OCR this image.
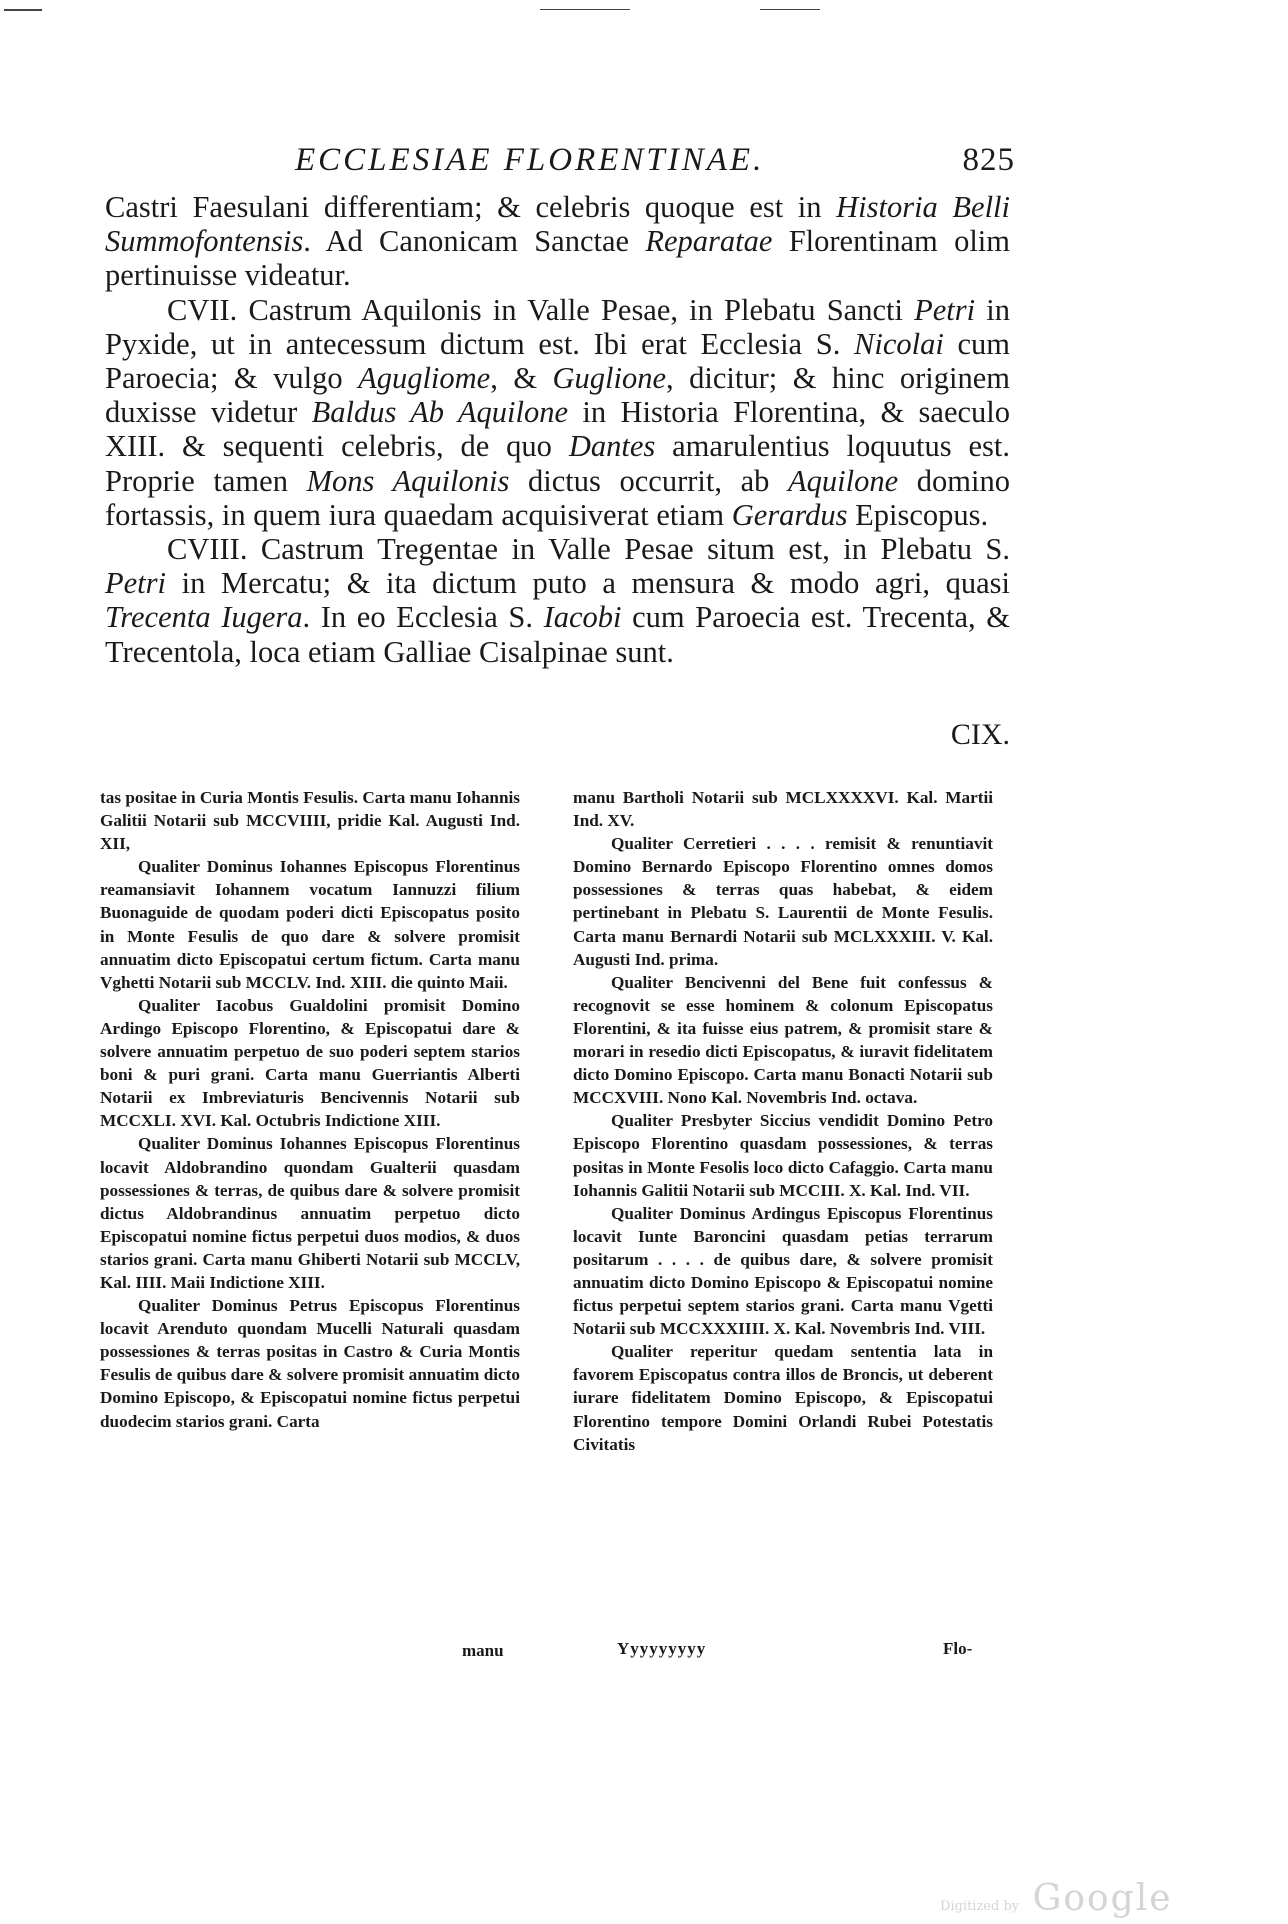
ECCLESIAE FLORENTINAE.	825

Castri Faesulani differentiam; & celebris quoque est in Historia Belli Summofontensis. Ad Canonicam Sanctae Reparatae Florentinam olim pertinuisse videatur.

CVII. Castrum Aquilonis in Valle Pesae, in Plebatu Sancti Petri in Pyxide, ut in antecessum dictum est. Ibi erat Ecclesia S. Nicolai cum Paroecia; & vulgo Agugliome, & Guglione, dicitur; & hinc originem duxisse videtur Baldus Ab Aquilone in Historia Florentina, & saeculo XIII. & sequenti celebris, de quo Dantes amarulentius loquutus est. Proprie tamen Mons Aquilonis dictus occurrit, ab Aquilone domino fortassis, in quem iura quaedam acquisiverat etiam Gerardus Episcopus.

CVIII. Castrum Tregentae in Valle Pesae situm est, in Plebatu S. Petri in Mercatu; & ita dictum puto a mensura & modo agri, quasi Trecenta Iugera. In eo Ecclesia S. Iacobi cum Paroecia est. Trecenta, & Trecentola, loca etiam Galliae Cisalpinae sunt.

CIX.

tas positae in Curia Montis Fesulis. Carta manu Iohannis Galitii Notarii sub MCCVIIII, pridie Kal. Augusti Ind. XII,

Qualiter Dominus Iohannes Episcopus Florentinus reamansiavit Iohannem vocatum Iannuzzi filium Buonaguide de quodam poderi dicti Episcopatus posito in Monte Fesulis de quo dare & solvere promisit annuatim dicto Episcopatui certum fictum. Carta manu Vghetti Notarii sub MCCLV. Ind. XIII. die quinto Maii.

Qualiter Iacobus Gualdolini promisit Domino Ardingo Episcopo Florentino, & Episcopatui dare & solvere annuatim perpetuo de suo poderi septem starios boni & puri grani. Carta manu Guerriantis Alberti Notarii ex Imbreviaturis Bencivennis Notarii sub MCCXLI. XVI. Kal. Octubris Indictione XIII.

Qualiter Dominus Iohannes Episcopus Florentinus locavit Aldobrandino quondam Gualterii quasdam possessiones & terras, de quibus dare & solvere promisit dictus Aldobrandinus annuatim perpetuo dicto Episcopatui nomine fictus perpetui duos modios, & duos starios grani. Carta manu Ghiberti Notarii sub MCCLV, Kal. IIII. Maii Indictione XIII.

Qualiter Dominus Petrus Episcopus Florentinus locavit Arenduto quondam Mucelli Naturali quasdam possessiones & terras positas in Castro & Curia Montis Fesulis de quibus dare & solvere promisit annuatim dicto Domino Episcopo, & Episcopatui nomine fictus perpetui duodecim starios grani. Carta

manu

manu Bartholi Notarii sub MCLXXXXVI. Kal. Martii Ind. XV.

Qualiter Cerretieri . . . . remisit & renuntiavit Domino Bernardo Episcopo Florentino omnes domos possessiones & terras quas habebat, & eidem pertinebant in Plebatu S. Laurentii de Monte Fesulis. Carta manu Bernardi Notarii sub MCLXXXIII. V. Kal. Augusti Ind. prima.

Qualiter Bencivenni del Bene fuit confessus & recognovit se esse hominem & colonum Episcopatus Florentini, & ita fuisse eius patrem, & promisit stare & morari in resedio dicti Episcopatus, & iuravit fidelitatem dicto Domino Episcopo. Carta manu Bonacti Notarii sub MCCXVIII. Nono Kal. Novembris Ind. octava.

Qualiter Presbyter Siccius vendidit Domino Petro Episcopo Florentino quasdam possessiones, & terras positas in Monte Fesolis loco dicto Cafaggio. Carta manu Iohannis Galitii Notarii sub MCCIII. X. Kal. Ind. VII.

Qualiter Dominus Ardingus Episcopus Florentinus locavit Iunte Baroncini quasdam petias terrarum positarum . . . . de quibus dare, & solvere promisit annuatim dicto Domino Episcopo & Episcopatui nomine fictus perpetui septem starios grani. Carta manu Vgetti Notarii sub MCCXXXIIII. X. Kal. Novembris Ind. VIII.

Qualiter reperitur quedam sententia lata in favorem Episcopatus contra illos de Broncis, ut deberent iurare fidelitatem Domino Episcopo, & Episcopatui Florentino tempore Domini Orlandi Rubei Potestatis Civitatis

Yyyyyyyyy	Flo-
Digitized by Google
